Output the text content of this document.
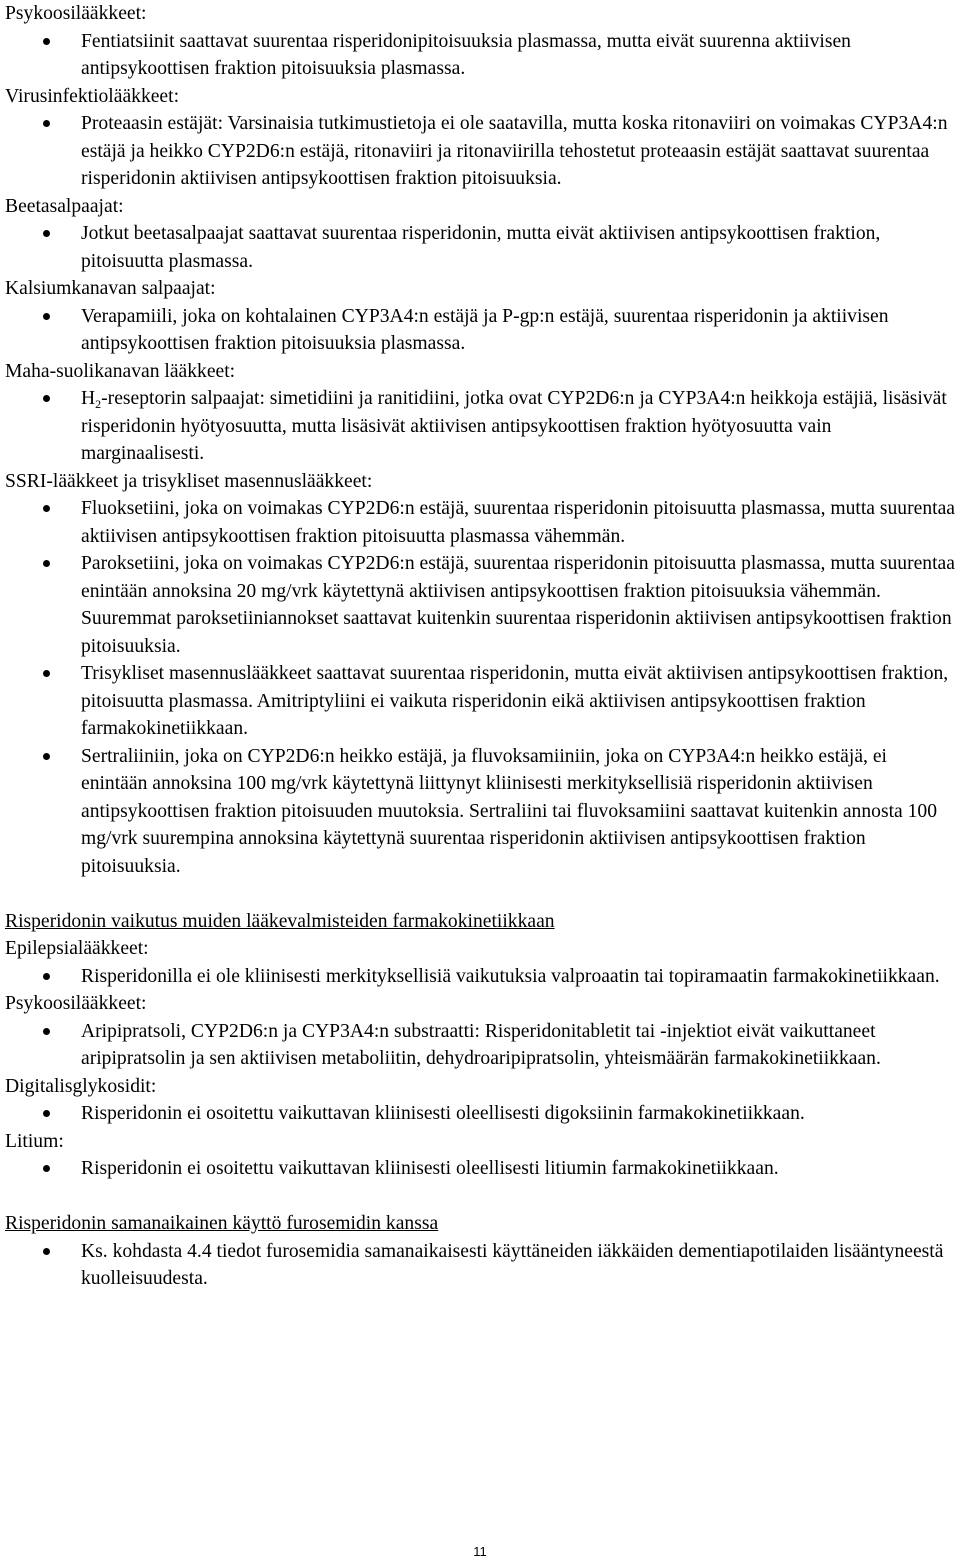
Psykoosilääkkeet:

Fentiatsiinit saattavat suurentaa risperidonipitoisuuksia plasmassa, mutta eivät suurenna aktiivisen antipsykoottisen fraktion pitoisuuksia plasmassa.

Virusinfektiolääkkeet:

Proteaasin estäjät: Varsinaisia tutkimustietoja ei ole saatavilla, mutta koska ritonaviiri on voimakas CYP3A4:n estäjä ja heikko CYP2D6:n estäjä, ritonaviiri ja ritonaviirilla tehostetut proteaasin estäjät saattavat suurentaa risperidonin aktiivisen antipsykoottisen fraktion pitoisuuksia.

Beetasalpaajat:

Jotkut beetasalpaajat saattavat suurentaa risperidonin, mutta eivät aktiivisen antipsykoottisen fraktion, pitoisuutta plasmassa.

Kalsiumkanavan salpaajat:

Verapamiili, joka on kohtalainen CYP3A4:n estäjä ja P-gp:n estäjä, suurentaa risperidonin ja aktiivisen antipsykoottisen fraktion pitoisuuksia plasmassa.

Maha-suolikanavan lääkkeet:

$H_2$-reseptorin salpaajat: simetidiini ja ranitidiini, jotka ovat CYP2D6:n ja CYP3A4:n heikkoja estäjiä, lisäsivät risperidonin hyötyosuutta, mutta lisäsivät aktiivisen antipsykoottisen fraktion hyötyosuutta vain marginaalisesti.

SSRI-lääkkeet ja trisykliset masennuslääkkeet:

Fluoksetiini, joka on voimakas CYP2D6:n estäjä, suurentaa risperidonin pitoisuutta plasmassa, mutta suurentaa aktiivisen antipsykoottisen fraktion pitoisuutta plasmassa vähemmän.
Paroksetiini, joka on voimakas CYP2D6:n estäjä, suurentaa risperidonin pitoisuutta plasmassa, mutta suurentaa enintään annoksina 20 mg/vrk käytettynä aktiivisen antipsykoottisen fraktion pitoisuuksia vähemmän. Suuremmat paroksetiiniannokset saattavat kuitenkin suurentaa risperidonin aktiivisen antipsykoottisen fraktion pitoisuuksia.
Trisykliset masennuslääkkeet saattavat suurentaa risperidonin, mutta eivät aktiivisen antipsykoottisen fraktion, pitoisuutta plasmassa. Amitriptyliini ei vaikuta risperidonin eikä aktiivisen antipsykoottisen fraktion farmakokinetiikkaan.
Sertraliiniin, joka on CYP2D6:n heikko estäjä, ja fluvoksamiiniin, joka on CYP3A4:n heikko estäjä, ei enintään annoksina 100 mg/vrk käytettynä liittynyt kliinisesti merkityksellisiä risperidonin aktiivisen antipsykoottisen fraktion pitoisuuden muutoksia. Sertraliini tai fluvoksamiini saattavat kuitenkin annosta 100 mg/vrk suurempina annoksina käytettynä suurentaa risperidonin aktiivisen antipsykoottisen fraktion pitoisuuksia.

Risperidonin vaikutus muiden lääkevalmisteiden farmakokinetiikkaan

Epilepsialääkkeet:

Risperidonilla ei ole kliinisesti merkityksellisiä vaikutuksia valproaatin tai topiramaatin farmakokinetiikkaan.

Psykoosilääkkeet:

Aripipratsoli, CYP2D6:n ja CYP3A4:n substraatti: Risperidonitabletit tai -injektiot eivät vaikuttaneet aripipratsolin ja sen aktiivisen metaboliitin, dehydroaripipratsolin, yhteismäärän farmakokinetiikkaan.

Digitalisglykosidit:

Risperidonin ei osoitettu vaikuttavan kliinisesti oleellisesti digoksiinin farmakokinetiikkaan.

Litium:

Risperidonin ei osoitettu vaikuttavan kliinisesti oleellisesti litiumin farmakokinetiikkaan.

Risperidonin samanaikainen käyttö furosemidin kanssa

Ks. kohdasta 4.4 tiedot furosemidia samanaikaisesti käyttäneiden iäkkäiden dementiapotilaiden lisääntyneestä kuolleisuudesta.
11
